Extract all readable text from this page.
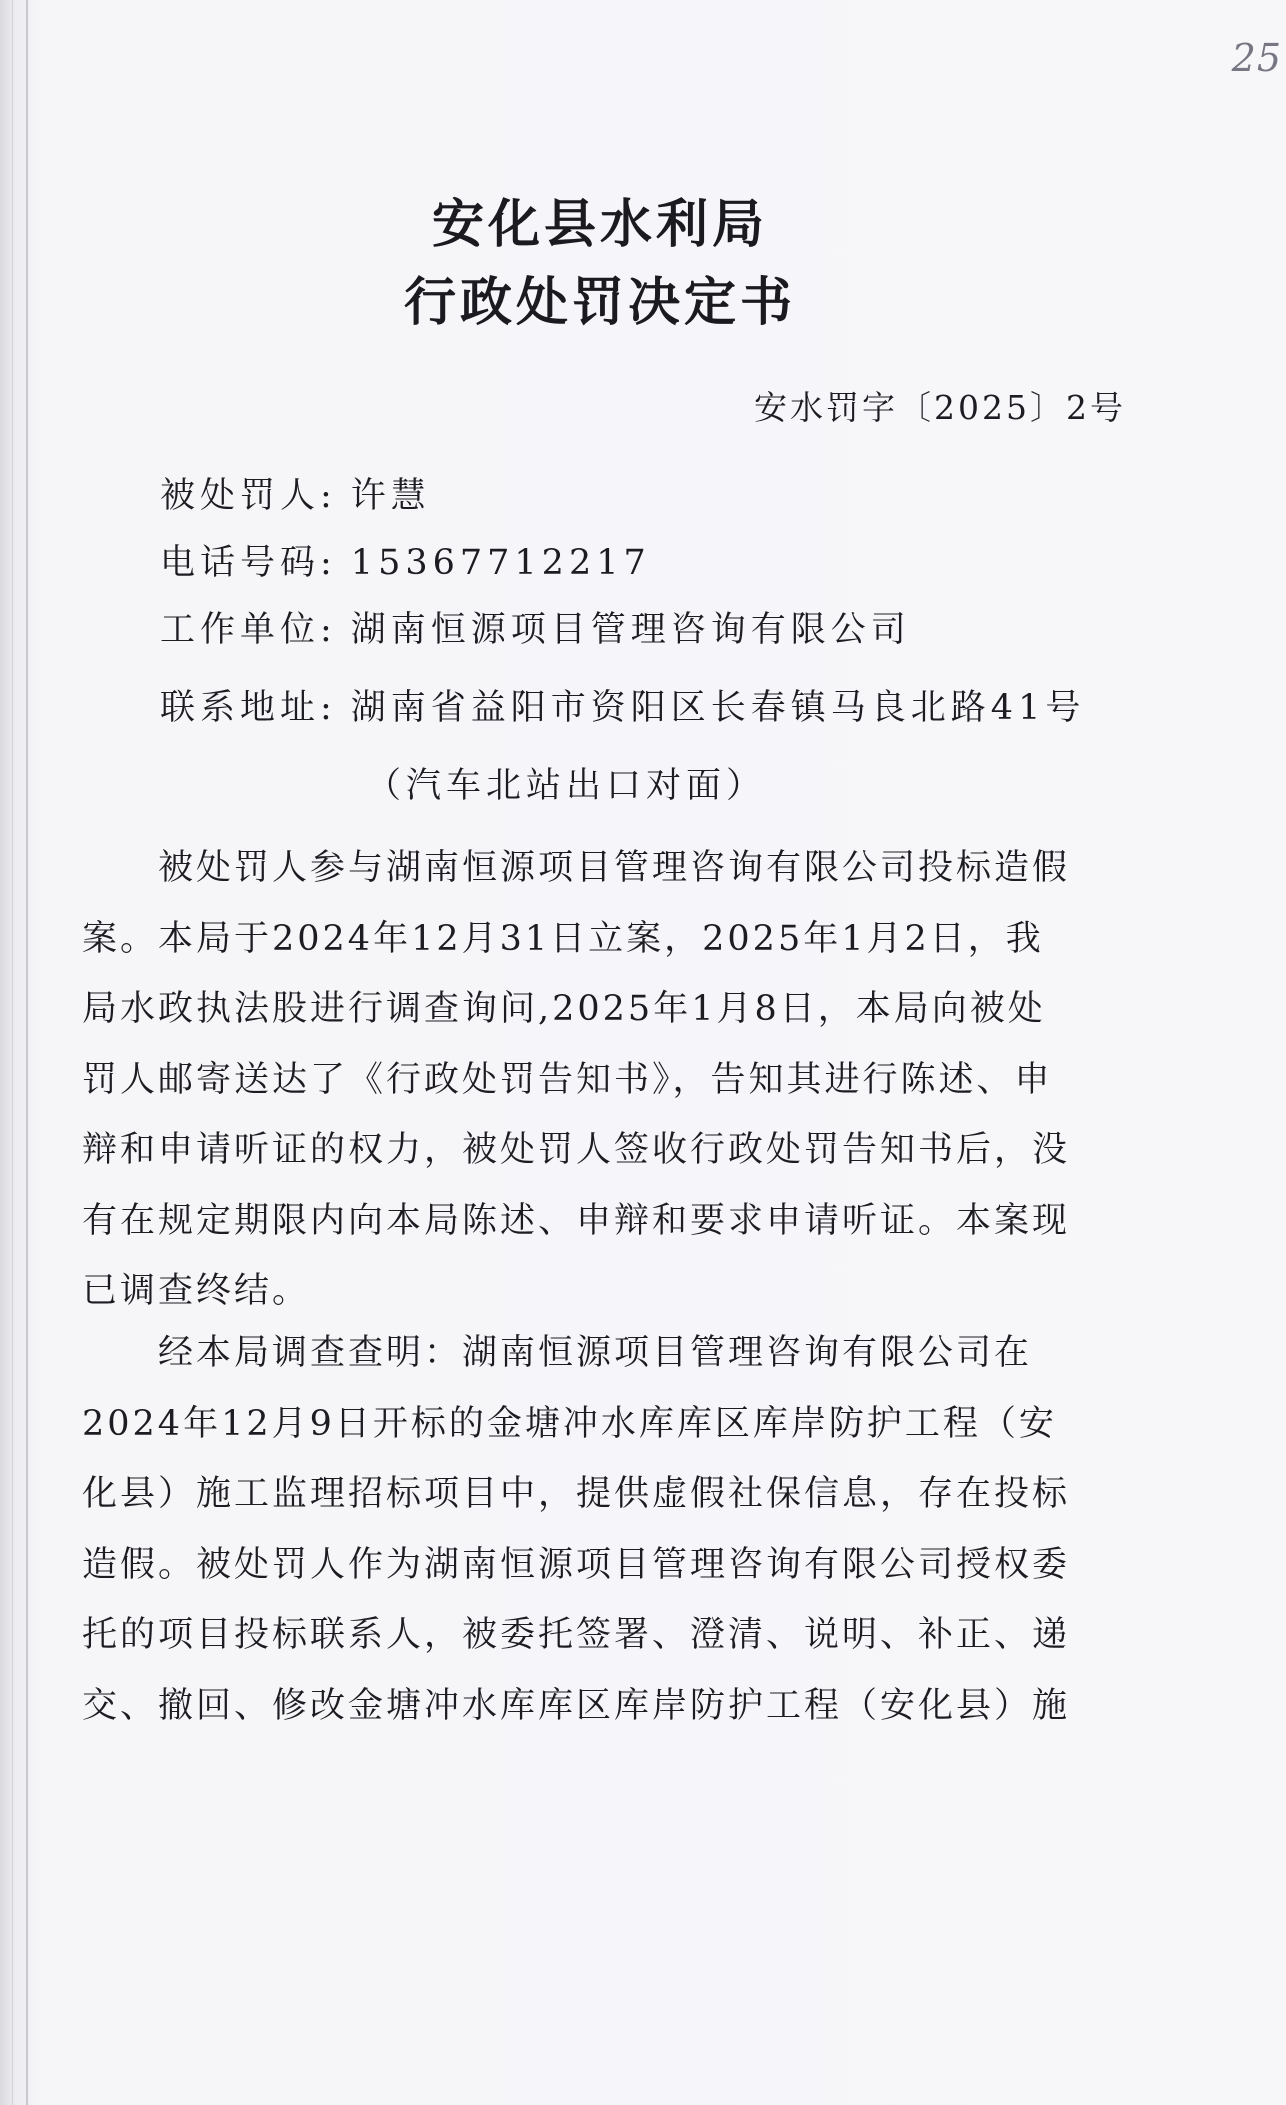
25
安化县水利局
行政处罚决定书
安水罚字〔2025〕2号
被处罚人: 许慧
电话号码: 15367712217
工作单位: 湖南恒源项目管理咨询有限公司
联系地址: 湖南省益阳市资阳区长春镇马良北路41号
（汽车北站出口对面）
　　被处罚人参与湖南恒源项目管理咨询有限公司投标造假
案。本局于2024年12月31日立案，2025年1月2日，我
局水政执法股进行调查询问,2025年1月8日，本局向被处
罚人邮寄送达了《行政处罚告知书》，告知其进行陈述、申
辩和申请听证的权力，被处罚人签收行政处罚告知书后，没
有在规定期限内向本局陈述、申辩和要求申请听证。本案现
已调查终结。
　　经本局调查查明：湖南恒源项目管理咨询有限公司在
2024年12月9日开标的金塘冲水库库区库岸防护工程（安
化县）施工监理招标项目中，提供虚假社保信息，存在投标
造假。被处罚人作为湖南恒源项目管理咨询有限公司授权委
托的项目投标联系人，被委托签署、澄清、说明、补正、递
交、撤回、修改金塘冲水库库区库岸防护工程（安化县）施
